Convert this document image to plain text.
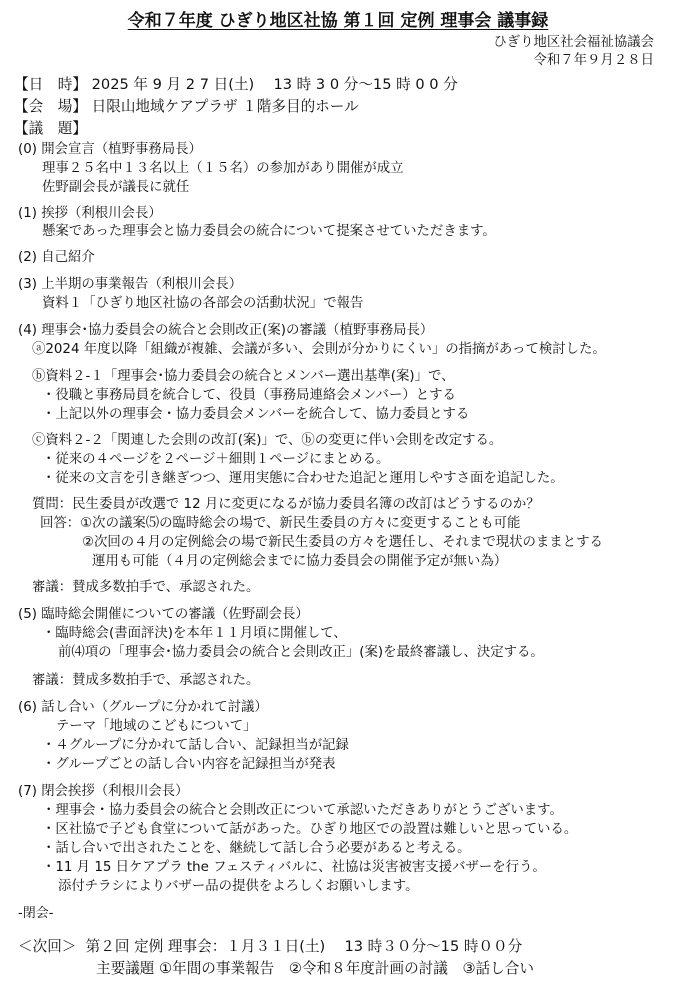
令和７年度 ひぎり地区社協 第１回 定例 理事会 議事録
ひぎり地区社会福祉協議会
令和７年９月２８日
【日　時】 2025 年 9 月 2 7 日(土)　 13 時 3 0 分～15 時 0 0 分
【会　場】 日限山地域ケアプラザ １階多目的ホール
【議　題】
(0) 開会宣言（植野事務局長）
理事２５名中１３名以上（１５名）の参加があり開催が成立
佐野副会長が議長に就任
(1) 挨拶（利根川会長）
懸案であった理事会と協力委員会の統合について提案させていただきます。
(2) 自己紹介
(3) 上半期の事業報告（利根川会長）
資料１「ひぎり地区社協の各部会の活動状況」で報告
(4) 理事会･協力委員会の統合と会則改正(案)の審議（植野事務局長）
ⓐ2024 年度以降「組織が複雑、会議が多い、会則が分かりにくい」の指摘があって検討した。
ⓑ資料２-１「理事会･協力委員会の統合とメンバー選出基準(案)」で、
・役職と事務局員を統合して、役員（事務局連絡会メンバー）とする
・上記以外の理事会・協力委員会メンバーを統合して、協力委員とする
ⓒ資料２-２「関連した会則の改訂(案)」で、ⓑの変更に伴い会則を改定する。
・従来の４ページを２ページ＋細則１ページにまとめる。
・従来の文言を引き継ぎつつ、運用実態に合わせた追記と運用しやすさ面を追記した。
質問：民生委員が改選で 12 月に変更になるが協力委員名簿の改訂はどうするのか？
回答：①次の議案⑸の臨時総会の場で、新民生委員の方々に変更することも可能
②次回の４月の定例総会の場で新民生委員の方々を選任し、それまで現状のままとする
運用も可能（４月の定例総会までに協力委員会の開催予定が無い為）
審議：賛成多数拍手で、承認された。
(5) 臨時総会開催についての審議（佐野副会長）
・臨時総会(書面評決)を本年１１月頃に開催して、
前⑷項の「理事会･協力委員会の統合と会則改正」(案)を最終審議し、決定する。
審議：賛成多数拍手で、承認された。
(6) 話し合い（グループに分かれて討議）
テーマ「地域のこどもについて」
・４グループに分かれて話し合い、記録担当が記録
・グループごとの話し合い内容を記録担当が発表
(7) 閉会挨拶（利根川会長）
・理事会・協力委員会の統合と会則改正について承認いただきありがとうございます。
・区社協で子ども食堂について話があった。ひぎり地区での設置は難しいと思っている。
・話し合いで出されたことを、継続して話し合う必要があると考える。
・11 月 15 日ケアプラ the フェスティバルに、社協は災害被害支援バザーを行う。
添付チラシによりバザー品の提供をよろしくお願いします。
-閉会-
＜次回＞ 第２回 定例 理事会：１月３１日(土)　 13 時３０分～15 時００分
主要議題 ①年間の事業報告　②令和８年度計画の討議　③話し合い
